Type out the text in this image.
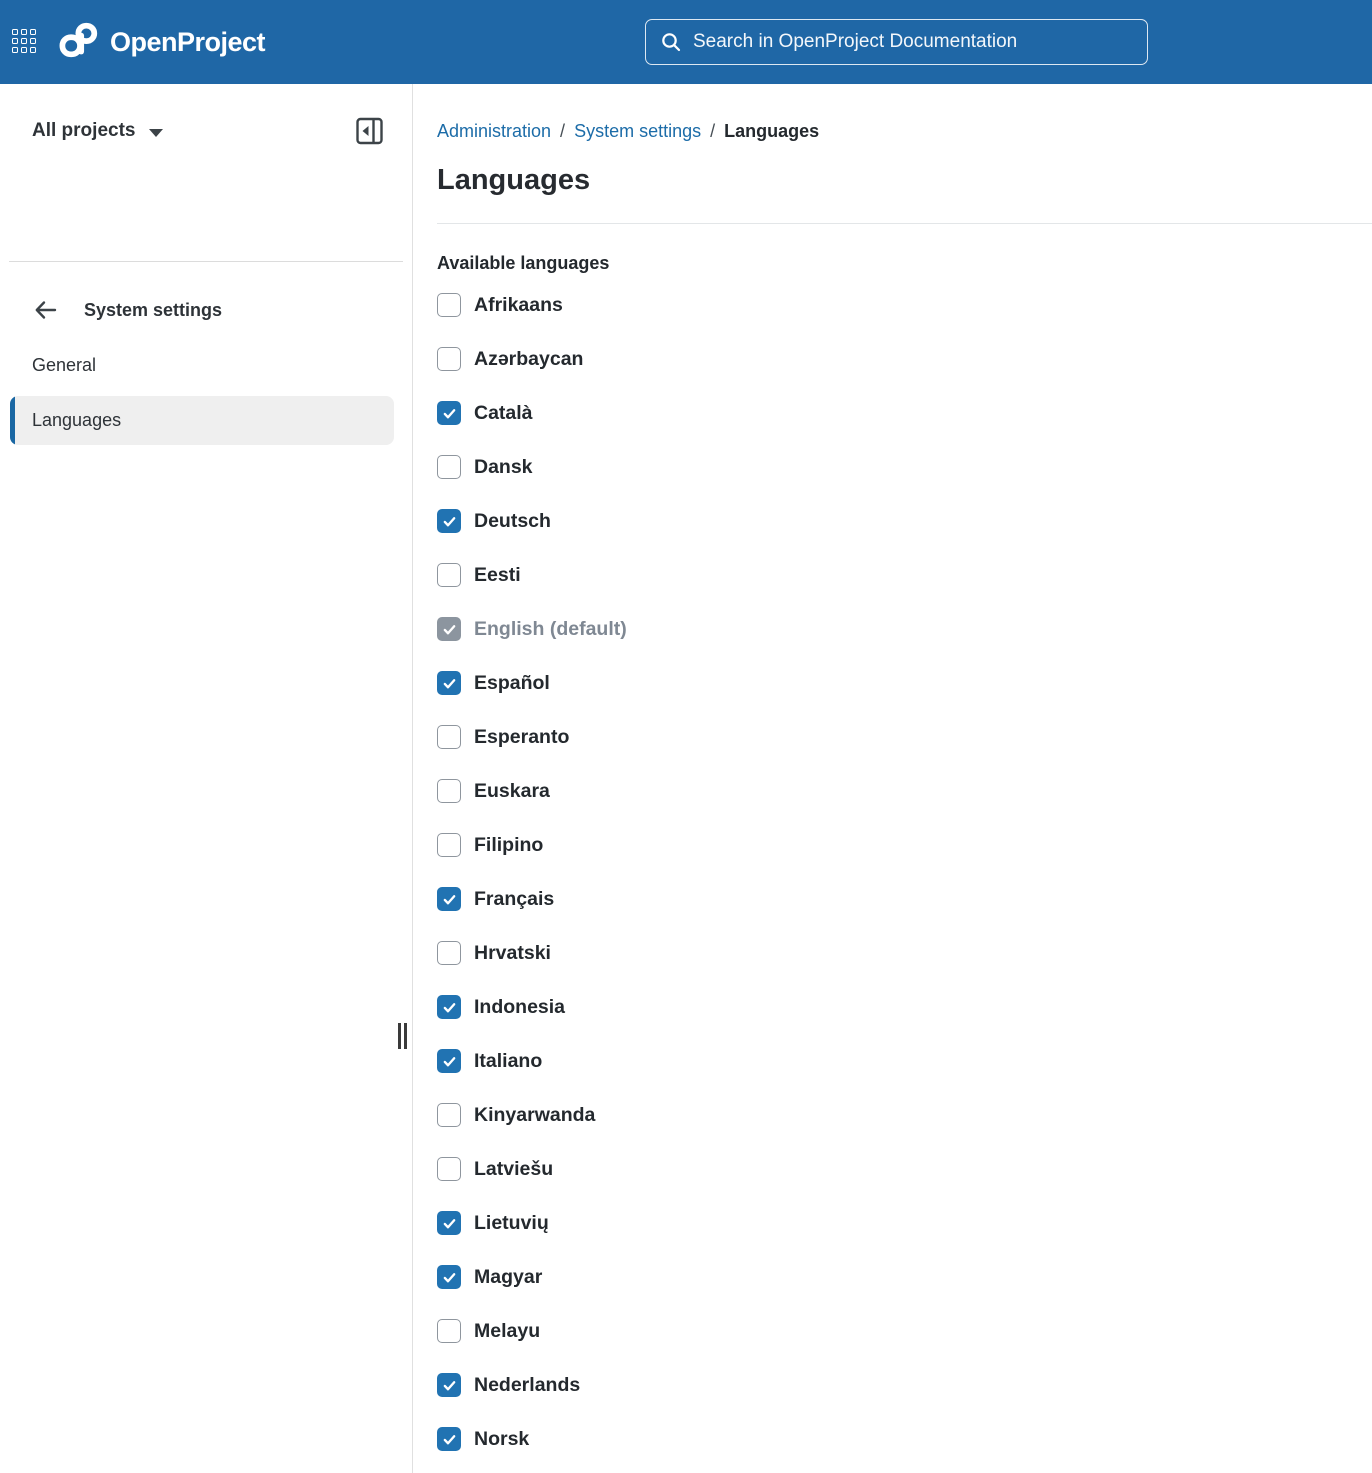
OpenProject
Search in OpenProject Documentation
All projects
System settings
General
Languages
Administration / System settings / Languages
Languages
Available languages
Afrikaans
Azərbaycan
Català
Dansk
Deutsch
Eesti
English (default)
Español
Esperanto
Euskara
Filipino
Français
Hrvatski
Indonesia
Italiano
Kinyarwanda
Latviešu
Lietuvių
Magyar
Melayu
Nederlands
Norsk
